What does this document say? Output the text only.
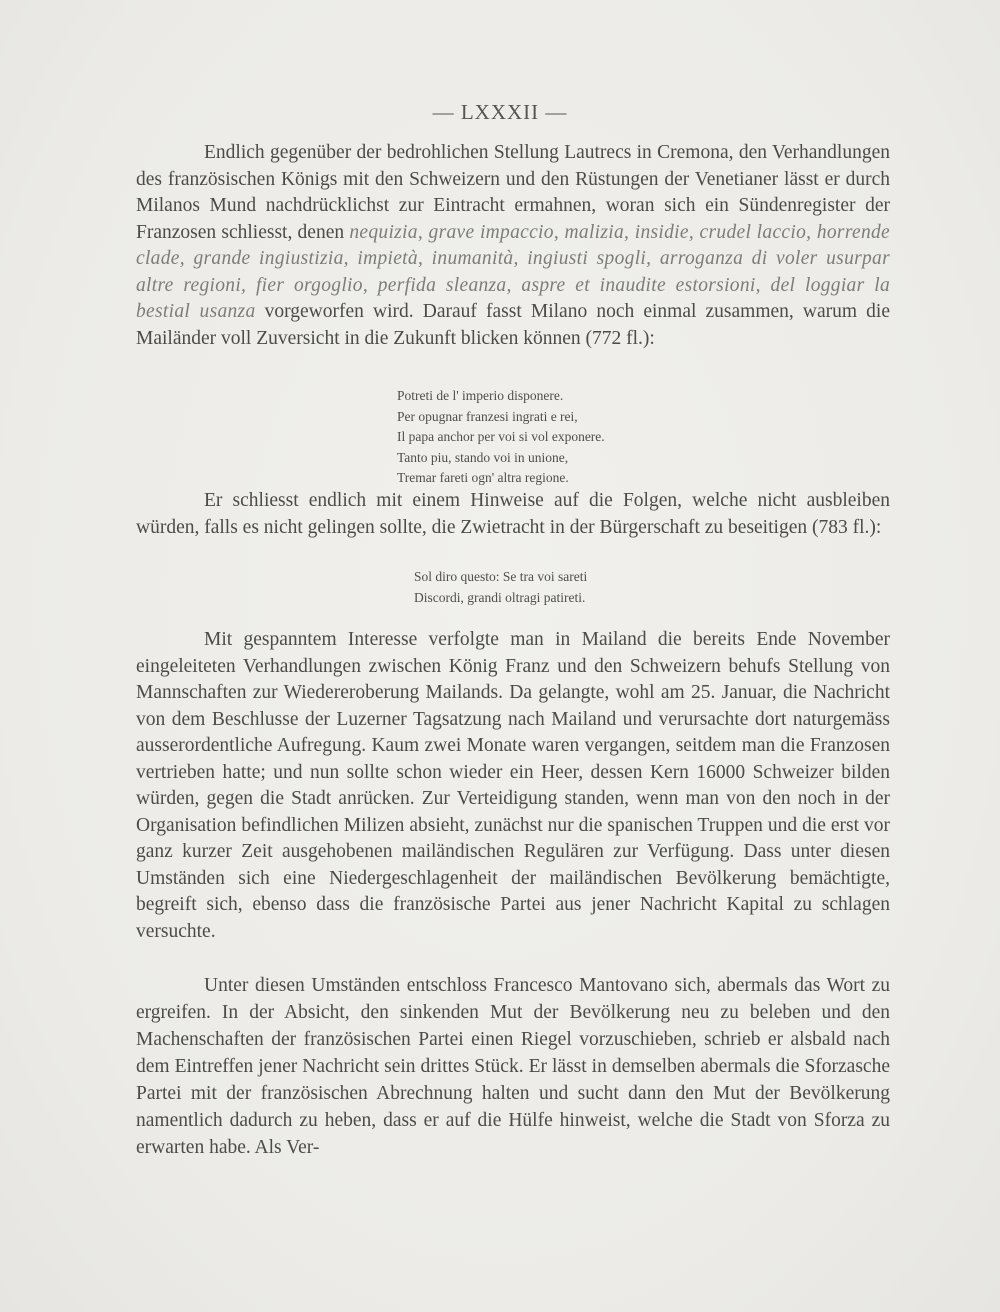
— LXXXII —

Endlich gegenüber der bedrohlichen Stellung Lautrecs in Cremona, den Verhandlungen des französischen Königs mit den Schweizern und den Rüstungen der Venetianer lässt er durch Milanos Mund nachdrücklichst zur Eintracht ermahnen, woran sich ein Sündenregister der Franzosen schliesst, denen nequizia, grave impaccio, malizia, insidie, crudel laccio, horrende clade, grande ingiustizia, impietà, inumanità, ingiusti spogli, arroganza di voler usurpar altre regioni, fier orgoglio, perfida sleanza, aspre et inaudite estorsioni, del loggiar la bestial usanza vorgeworfen wird. Darauf fasst Milano noch einmal zusammen, warum die Mailänder voll Zuversicht in die Zukunft blicken können (772 fl.):

Potreti de l' imperio disponere.
Per opugnar franzesi ingrati e rei,
Il papa anchor per voi si vol exponere.
Tanto piu, stando voi in unione,
Tremar fareti ogn' altra regione.

Er schliesst endlich mit einem Hinweise auf die Folgen, welche nicht ausbleiben würden, falls es nicht gelingen sollte, die Zwietracht in der Bürgerschaft zu beseitigen (783 fl.):

Sol diro questo: Se tra voi sareti
Discordi, grandi oltragi patireti.

Mit gespanntem Interesse verfolgte man in Mailand die bereits Ende November eingeleiteten Verhandlungen zwischen König Franz und den Schweizern behufs Stellung von Mannschaften zur Wiedereroberung Mailands. Da gelangte, wohl am 25. Januar, die Nachricht von dem Beschlusse der Luzerner Tagsatzung nach Mailand und verursachte dort naturgemäss ausserordentliche Aufregung. Kaum zwei Monate waren vergangen, seitdem man die Franzosen vertrieben hatte; und nun sollte schon wieder ein Heer, dessen Kern 16000 Schweizer bilden würden, gegen die Stadt anrücken. Zur Verteidigung standen, wenn man von den noch in der Organisation befindlichen Milizen absieht, zunächst nur die spanischen Truppen und die erst vor ganz kurzer Zeit ausgehobenen mailändischen Regulären zur Verfügung. Dass unter diesen Umständen sich eine Niedergeschlagenheit der mailändischen Bevölkerung bemächtigte, begreift sich, ebenso dass die französische Partei aus jener Nachricht Kapital zu schlagen versuchte.

Unter diesen Umständen entschloss Francesco Mantovano sich, abermals das Wort zu ergreifen. In der Absicht, den sinkenden Mut der Bevölkerung neu zu beleben und den Machenschaften der französischen Partei einen Riegel vorzuschieben, schrieb er alsbald nach dem Eintreffen jener Nachricht sein drittes Stück. Er lässt in demselben abermals die Sforzasche Partei mit der französischen Abrechnung halten und sucht dann den Mut der Bevölkerung namentlich dadurch zu heben, dass er auf die Hülfe hinweist, welche die Stadt von Sforza zu erwarten habe. Als Ver-
